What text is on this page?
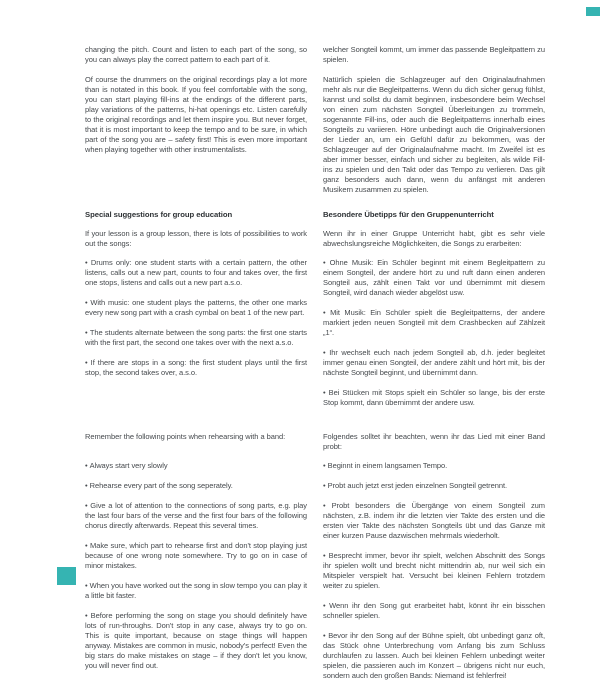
changing the pitch. Count and listen to each part of the song, so you can always play the correct pattern to each part of it.

Of course the drummers on the original recordings play a lot more than is notated in this book. If you feel comfortable with the song, you can start playing fill-ins at the endings of the different parts, play variations of the patterns, hi-hat openings etc. Listen carefully to the original recordings and let them inspire you. But never forget, that it is most important to keep the tempo and to be sure, in which part of the song you are – safety first! This is even more important when playing together with other instrumentalists.

welcher Songteil kommt, um immer das passende Begleitpattern zu spielen.

Natürlich spielen die Schlagzeuger auf den Originalaufnahmen mehr als nur die Begleitpatterns. Wenn du dich sicher genug fühlst, kannst und sollst du damit beginnen, insbesondere beim Wechsel von einen zum nächsten Songteil Überleitungen zu trommeln, sogenannte Fill-ins, oder auch die Begleitpatterns innerhalb eines Songteils zu variieren. Höre unbedingt auch die Originalversionen der Lieder an, um ein Gefühl dafür zu bekommen, was der Schlagzeuger auf der Originalaufnahme macht. Im Zweifel ist es aber immer besser, einfach und sicher zu begleiten, als wilde Fill-ins zu spielen und den Takt oder das Tempo zu verlieren. Das gilt ganz besonders auch dann, wenn du anfängst mit anderen Musikern zusammen zu spielen.

Special suggestions for group education	Besondere Übetipps für den Gruppenunterricht

If your lesson is a group lesson, there is lots of possibilities to work out the songs:

Wenn ihr in einer Gruppe Unterricht habt, gibt es sehr viele abwechslungsreiche Möglichkeiten, die Songs zu erarbeiten:

• Drums only: one student starts with a certain pattern, the other listens, calls out a new part, counts to four and takes over, the first one stops, listens and calls out a new part a.s.o.

• With music: one student plays the patterns, the other one marks every new song part with a crash cymbal on beat 1 of the new part.

• The students alternate between the song parts: the first one starts with the first part, the second one takes over with the next a.s.o.

• If there are stops in a song: the first student plays until the first stop, the second takes over, a.s.o.

• Ohne Musik: Ein Schüler beginnt mit einem Begleitpattern zu einem Songteil, der andere hört zu und ruft dann einen anderen Songteil aus, zählt einen Takt vor und übernimmt mit diesem Songteil, wird danach wieder abgelöst usw.

• Mit Musik: Ein Schüler spielt die Begleitpatterns, der andere markiert jeden neuen Songteil mit dem Crashbecken auf Zählzeit „1“.

• Ihr wechselt euch nach jedem Songteil ab, d.h. jeder begleitet immer genau einen Songteil, der andere zählt und hört mit, bis der nächste Songteil beginnt, und übernimmt dann.

• Bei Stücken mit Stops spielt ein Schüler so lange, bis der erste Stop kommt, dann übernimmt der andere usw.

Remember the following points when rehearsing with a band:	Folgendes solltet ihr beachten, wenn ihr das Lied mit einer Band probt:

• Always start very slowly

• Rehearse every part of the song seperately.

• Give a lot of attention to the connections of song parts, e.g. play the last four bars of the verse and the first four bars of the following chorus directly afterwards. Repeat this several times.

• Make sure, which part to rehearse first and don't stop playing just because of one wrong note somewhere. Try to go on in case of minor mistakes.

• When you have worked out the song in slow tempo you can play it a little bit faster.

• Before performing the song on stage you should definitely have lots of run-throughs. Don't stop in any case, always try to go on. This is quite important, because on stage things will happen anyway. Mistakes are common in music, nobody's perfect! Even the big stars do make mistakes on stage – if they don't let you know, you will never find out.

• Beginnt in einem langsamen Tempo.

• Probt auch jetzt erst jeden einzelnen Songteil getrennt.

• Probt besonders die Übergänge von einem Songteil zum nächsten, z.B. indem ihr die letzten vier Takte des ersten und die ersten vier Takte des nächsten Songteils übt und das Ganze mit einer kurzen Pause dazwischen mehrmals wiederholt.

• Besprecht immer, bevor ihr spielt, welchen Abschnitt des Songs ihr spielen wollt und brecht nicht mittendrin ab, nur weil sich ein Mitspieler verspielt hat. Versucht bei kleinen Fehlern trotzdem weiter zu spielen.

• Wenn ihr den Song gut erarbeitet habt, könnt ihr ein bisschen schneller spielen.

• Bevor ihr den Song auf der Bühne spielt, übt unbedingt ganz oft, das Stück ohne Unterbrechung vom Anfang bis zum Schluss durchlaufen zu lassen. Auch bei kleinen Fehlern unbedingt weiter spielen, die passieren auch im Konzert – übrigens nicht nur euch, sondern auch den großen Bands: Niemand ist fehlerfrei!
